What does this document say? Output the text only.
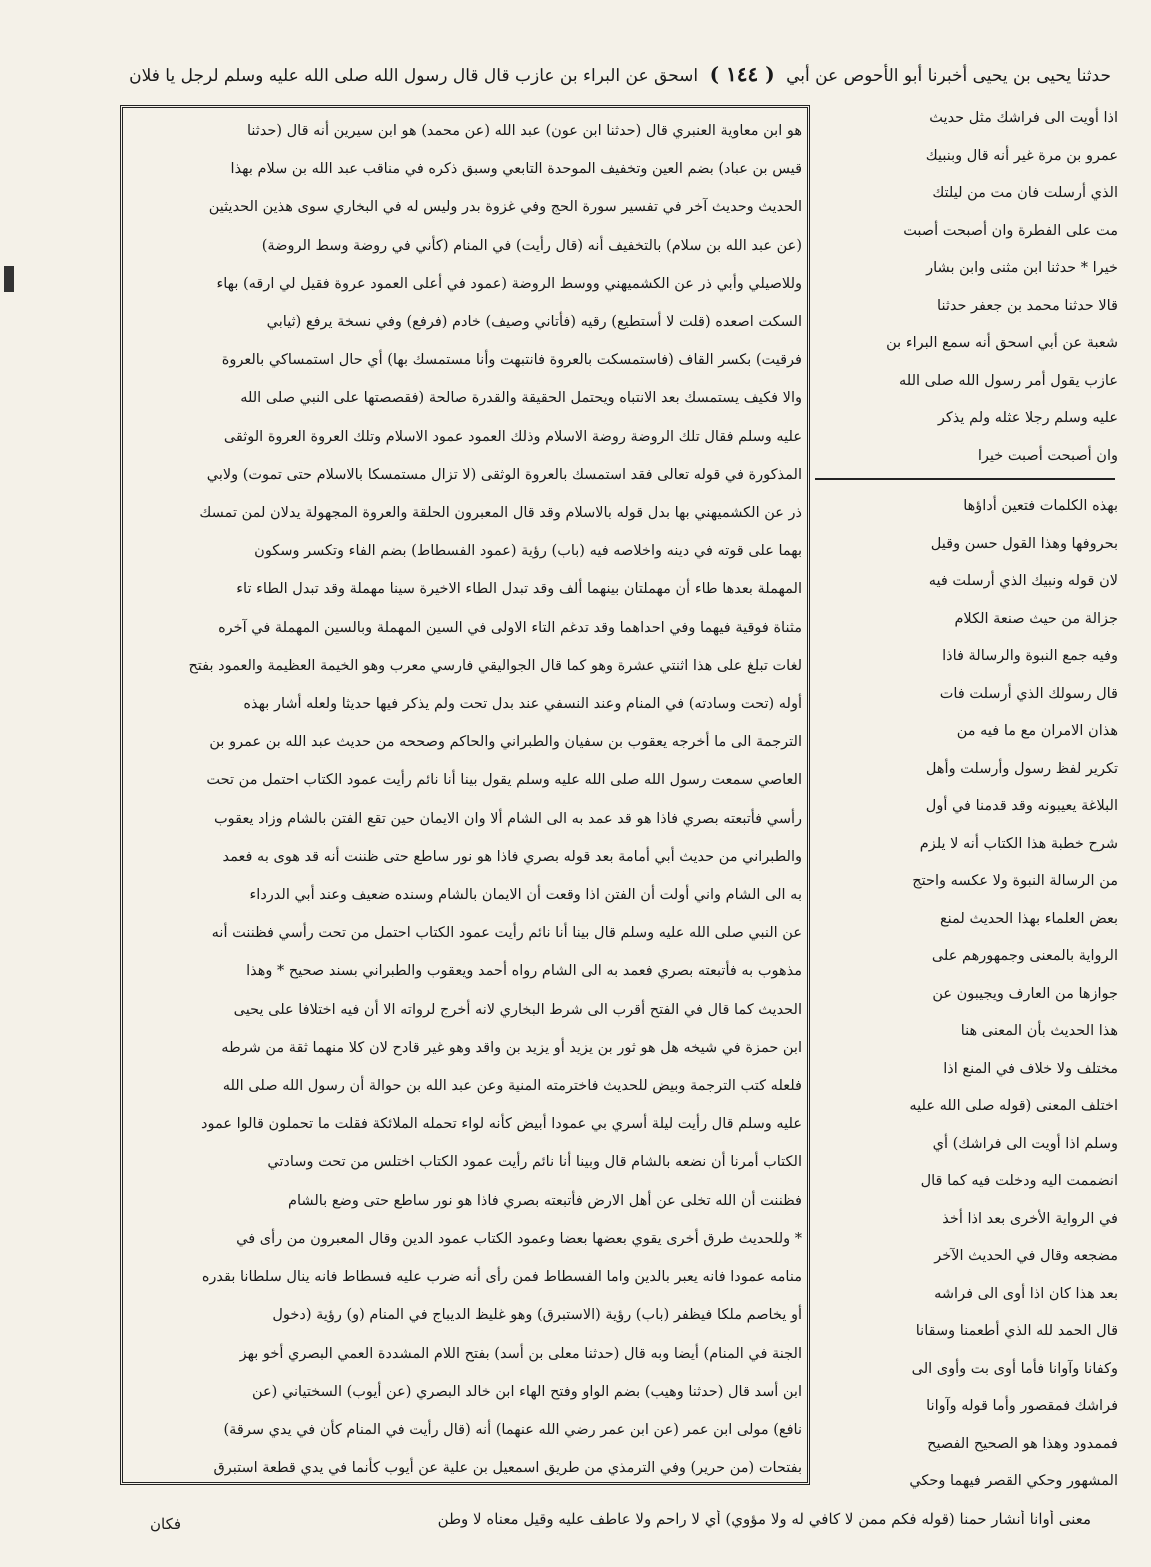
حدثنا يحيى بن يحيى أخبرنا أبو الأحوص عن أبي ( ١٤٤ ) اسحق عن البراء بن عازب قال قال رسول الله صلى الله عليه وسلم لرجل يا فلان

اذا أويت الى فراشك مثل حديث

عمرو بن مرة غير أنه قال وبنبيك

الذي أرسلت فان مت من ليلتك

مت على الفطرة وان أصبحت أصبت

خيرا * حدثنا ابن مثنى وابن بشار

قالا حدثنا محمد بن جعفر حدثنا

شعبة عن أبي اسحق أنه سمع البراء بن

عازب يقول أمر رسول الله صلى الله

عليه وسلم رجلا عثله ولم يذكر

وان أصبحت أصبت خيرا

بهذه الكلمات فتعين أداؤها

بحروفها وهذا القول حسن وقيل

لان قوله ونبيك الذي أرسلت فيه

جزالة من حيث صنعة الكلام

وفيه جمع النبوة والرسالة فاذا

قال رسولك الذي أرسلت فات

هذان الامران مع ما فيه من

تكرير لفظ رسول وأرسلت وأهل

البلاغة يعيبونه وقد قدمنا في أول

شرح خطبة هذا الكتاب أنه لا يلزم

من الرسالة النبوة ولا عكسه واحتج

بعض العلماء بهذا الحديث لمنع

الرواية بالمعنى وجمهورهم على

جوازها من العارف ويجيبون عن

هذا الحديث بأن المعنى هنا

مختلف ولا خلاف في المنع اذا

اختلف المعنى (قوله صلى الله عليه

وسلم اذا أويت الى فراشك) أي

انضممت اليه ودخلت فيه كما قال

في الرواية الأخرى بعد اذا أخذ

مضجعه وقال في الحديث الآخر

بعد هذا كان اذا أوى الى فراشه

قال الحمد لله الذي أطعمنا وسقانا

وكفانا وآوانا فأما أوى بت وأوى الى

فراشك فمقصور وأما قوله وآوانا

فممدود وهذا هو الصحيح الفصيح

المشهور وحكي القصر فيهما وحكي

هو ابن معاوية العنبري قال (حدثنا ابن عون) عبد الله (عن محمد) هو ابن سيرين أنه قال (حدثنا

قيس بن عباد) بضم العين وتخفيف الموحدة التابعي وسبق ذكره في مناقب عبد الله بن سلام بهذا

الحديث وحديث آخر في تفسير سورة الحج وفي غزوة بدر وليس له في البخاري سوى هذين الحديثين

(عن عبد الله بن سلام) بالتخفيف أنه (قال رأيت) في المنام (كأني في روضة وسط الروضة)

وللاصيلي وأبي ذر عن الكشميهني ووسط الروضة (عمود في أعلى العمود عروة فقيل لي ارقه) بهاء

السكت اصعده (قلت لا أستطيع) رقيه (فأتاني وصيف) خادم (فرفع) وفي نسخة يرفع (ثيابي

فرقيت) بكسر القاف (فاستمسكت بالعروة فانتبهت وأنا مستمسك بها) أي حال استمساكي بالعروة

والا فكيف يستمسك بعد الانتباه ويحتمل الحقيقة والقدرة صالحة (فقصصتها على النبي صلى الله

عليه وسلم فقال تلك الروضة روضة الاسلام وذلك العمود عمود الاسلام وتلك العروة العروة الوثقى

المذكورة في قوله تعالى فقد استمسك بالعروة الوثقى (لا تزال مستمسكا بالاسلام حتى تموت) ولابي

ذر عن الكشميهني بها بدل قوله بالاسلام وقد قال المعبرون الحلقة والعروة المجهولة يدلان لمن تمسك

بهما على قوته في دينه واخلاصه فيه (باب) رؤية (عمود الفسطاط) بضم الفاء وتكسر وسكون

المهملة بعدها طاء أن مهملتان بينهما ألف وقد تبدل الطاء الاخيرة سينا مهملة وقد تبدل الطاء تاء

مثناة فوقية فيهما وفي احداهما وقد تدغم التاء الاولى في السين المهملة وبالسين المهملة في آخره

لغات تبلغ على هذا اثنتي عشرة وهو كما قال الجواليقي فارسي معرب وهو الخيمة العظيمة والعمود بفتح

أوله (تحت وسادته) في المنام وعند النسفي عند بدل تحت ولم يذكر فيها حديثا ولعله أشار بهذه

الترجمة الى ما أخرجه يعقوب بن سفيان والطبراني والحاكم وصححه من حديث عبد الله بن عمرو بن

العاصي سمعت رسول الله صلى الله عليه وسلم يقول بينا أنا نائم رأيت عمود الكتاب احتمل من تحت

رأسي فأتبعته بصري فاذا هو قد عمد به الى الشام ألا وان الايمان حين تقع الفتن بالشام وزاد يعقوب

والطبراني من حديث أبي أمامة بعد قوله بصري فاذا هو نور ساطع حتى ظننت أنه قد هوى به فعمد

به الى الشام واني أولت أن الفتن اذا وقعت أن الايمان بالشام وسنده ضعيف وعند أبي الدرداء

عن النبي صلى الله عليه وسلم قال بينا أنا نائم رأيت عمود الكتاب احتمل من تحت رأسي فظننت أنه

مذهوب به فأتبعته بصري فعمد به الى الشام رواه أحمد ويعقوب والطبراني بسند صحيح * وهذا

الحديث كما قال في الفتح أقرب الى شرط البخاري لانه أخرج لرواته الا أن فيه اختلافا على يحيى

ابن حمزة في شيخه هل هو ثور بن يزيد أو يزيد بن واقد وهو غير قادح لان كلا منهما ثقة من شرطه

فلعله كتب الترجمة وبيض للحديث فاخترمته المنية وعن عبد الله بن حوالة أن رسول الله صلى الله

عليه وسلم قال رأيت ليلة أسري بي عمودا أبيض كأنه لواء تحمله الملائكة فقلت ما تحملون قالوا عمود

الكتاب أمرنا أن نضعه بالشام قال وبينا أنا نائم رأيت عمود الكتاب اختلس من تحت وسادتي

فظننت أن الله تخلى عن أهل الارض فأتبعته بصري فاذا هو نور ساطع حتى وضع بالشام

* وللحديث طرق أخرى يقوي بعضها بعضا وعمود الكتاب عمود الدين وقال المعبرون من رأى في

منامه عمودا فانه يعبر بالدين واما الفسطاط فمن رأى أنه ضرب عليه فسطاط فانه ينال سلطانا بقدره

أو يخاصم ملكا فيظفر (باب) رؤية (الاستبرق) وهو غليظ الديباج في المنام (و) رؤية (دخول

الجنة في المنام) أيضا وبه قال (حدثنا معلى بن أسد) بفتح اللام المشددة العمي البصري أخو بهز

ابن أسد قال (حدثنا وهيب) بضم الواو وفتح الهاء ابن خالد البصري (عن أيوب) السختياني (عن

نافع) مولى ابن عمر (عن ابن عمر رضي الله عنهما) أنه (قال رأيت في المنام كأن في يدي سرقة)

بفتحات (من حرير) وفي الترمذي من طريق اسمعيل بن علية عن أيوب كأنما في يدي قطعة استبرق

معنى أوانا أنشار حمنا (قوله فكم ممن لا كافي له ولا مؤوي) أي لا راحم ولا عاطف عليه وقيل معناه لا وطن
فكان
